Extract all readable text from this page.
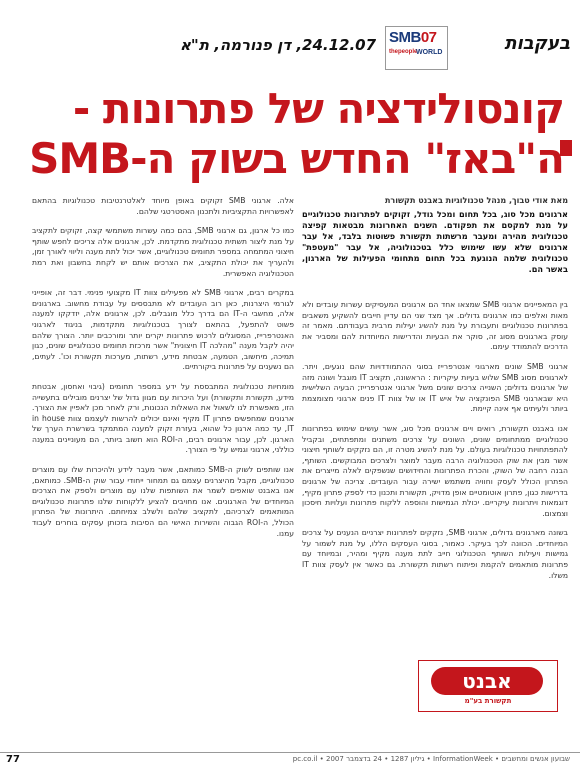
בעקבות
SMB07
thepeople
WORLD
24.12.07, דן פנורמה, ת"א
קונסולידציה של פתרונות -
ה"באז" החדש בשוק ה-SMB
מאת אודי טבוך, מנהל טכנולוגיות באבנט תקשורת
ארגונים מכל סוג, בכל תחום ומכל גודל, זקוקים לפתרונות טכנולוגיים על מנת למקסם את תפקודם. השנים האחרונות מבטאות קפיצה טכנולוגית מהירה ומעבר מרשתות תקשורת פשוטות בלבד, אל עבר ארגונים שלא עשו שימוש כלל בטכנולוגיה, אל עבר "מעטפת" טכנולוגית שלמה הנוגעת בכל תחום מתחומי הפעילות של הארגון, באשר הם.

בין המאפיינים ארגוני SMB שמצאו אחד הם ארגונים המעסיקים עשרות עובדים ולא מאות ואלפים כמו ארגונים גדולים. אך מצד שני הם עדיין חייבים להשקיע משאבים בפתרונות טכנולוגיים ותעבורת על מנת להשיג יעילות מרבית בעבודתם. מאמר זה עוסק בארגונים מסוג זה, סוקר את הבעיות והדרישות המיוחדות להם ומסביר את הדרכים להתמודד עימם.

ארגוני SMB שונים מארגוני אנטרפרייז בסוגי ההתמודדויות שהם נוגעים, ויתר. לארגונים מסוג SMB שלוש בעיות עיקריות : הראשונה, תקציב IT מוגבל ושונה מזה של ארגונים גדולים; השנייה צרכים שונים משל ארגוני אנטרפרייז; הבעיה השלישית היא שבארגוני SMB הפונקציה של איש IT או של צוות IT פנים ארגוני מצומצמת ביותר ולעיתים אף אינה קיימת.

אנו באבנט תקשורת, רואים ויים ארגונים מכל סוג, אשר עושים שימוש בפתרונות טכנולוגיים ממתחומים שונים, השונים על צרכים משתנים ומתפתחים, ובקביל להתפתחויות טכנולוגיות בעולם. על מנת להשיג מטרה זו, הם נזקקים לשותף חיצוני אשר מבין את שוק הטכנולוגיה הרבה מעבר למוצר ולצרכים המבוקשים. השותף, הבנה רחבה של השוק, והכרת הפתרונות והחידושים שנשפקים לאלה מייצרים את הפתרון הכולל לעסק וחוויה משתמש ישירה עבור העובדים. צריכה של ארגונים בדרישות כגון, פתרון אוטומטיים אופן מדויק, תקשורת ותכנון כדי לספק פתרון מקיף, דוגמאות ויתרונות עיקריים. יכולת הגמישות והוספה ללקוח פתרונות ועלויות חיסכון וצמצום.

בשונה מארגונים גדולים, ארגוני SMB, נזקקים לפתרונות יצרניים הנענים על צרכים המיוחדים. הכוונה לכך בעיקר. כאמור, בסוגי העסקים הללו, על מנת לשמור על גמישות ויעילות השותף הטכנולוגי חייב לתת מענה מקיף ומהיר, ובמיוחד עם פתרונות מותאמים להקמת ופיתוח רשתות תקשורת. גם כאשר אין לעסק צוות IT משלו.

אלה. ארגוני SMB זקוקים באופן מיוחד לאלטרנטיבות טכנולוגיות בהתאם לאפשרויות התקציביות ולתכנון האסטרטגי שלהם.

כמו כל ארגון, גם ארגוני SMB, בהם כמה עשרות משתמשי קצה, זקוקים לתקציב על מנת ליצור תשתית טכנולוגית מתקדמת. לכן, ארגונים אלה צריכים לחפש שותף חיצוני המתמחה במספר תחומים טכנולוגיים, אשר יכול לתת מענה וליווי לאורך זמן, ולהעריך את יכולת התקציב, את הצרכים אותם יש לקחת בחשבון ואת רמת הטכנולוגיה האפשרית.

במקרים רבים, ארגוני SMB לא מפעילים צוות IT מקצועי פנימי. דבר זה, אופייני לגורמי היצרנות, כאן רוב העובדים לא מתבססים על עבודת מחשוב. בארגונים אלה, מחשבי ה-IT הם בדרך כלל מוגבלים. לכן, ארגונים אלה, יזדקקו למענה פשוט להתפעל, בהתאם לצורך בטכנולוגיות מתקדמות, בניגוד לארגוני האנטרפרייז, המסוגלים לרכוש פתרונות יקרים יותר ומורכבים יותר. הצורך שלהם יהיה לקבל מענה "מהלכה IT חיצונית" אשר מרכזת תחומים טכנולוגיים שונים, כגון תמיכה, מיחשוב, הטמעה, אבטחת מידע, רשתות, מערכות תקשורת וכו'. לעתים, הם נשענים על פתרונות ביקורתיים.

מומחיות טכנולוגית המתבססת על ידע במספר תחומים (גיבוי ואחסון, אבטחת מידע, תקשורת ותקשורת) ועל היכרות עם מגוון גדול של יצרנים מובילים בתעשייה הזו, מאפשרת לנו לשאול את השאלות הנכונות, ורק לאחר מכן לאפיין את הצורך. ארגונים שמחפשים פתרון IT מקיף ואינם יכולים להרשות לעצמם צוות in house IT, עד כמה ארגון כל שהוא, בעזרת זקוק למענה המתמקד בשרשרת הערך של הארגון. לכן, עבור ארגונים רבים, ה-ROI הוא חשוב ביותר, הם מעוניינים במענה כוללני, ארגוני וגמיש על פי הצורך.

אנו שותפים לשוק ה-SMB כמותאם, אשר מעבר לידע ולהיכרות שלו עם מוצרים טכנולוגיים, מקבל מהיצרנים עצמם גם תמחור ייחודי עבור שוק ה-SMB. כמותאם, אנו באבנט שואפים לשמר את השותפות שלנו עם מוצרים ולספק את הצרכים המיוחדים של הארגונים. אנו מחויבים להציע ללקוחות שלנו פתרונות טכנולוגיים המותאמים לצרכיהם, לתקציב שלהם ולשלב צמיחתם. היתרונות של הפתרון הכולל, ה-ROI הגבוה והשירות האישי הם הסיבות בזכותן עסקים בוחרים לעבוד עמנו.

אבנט
תקשורת בע"מ
77	שבועון אנשים ומחשבים • InformationWeek • גיליון 1287 • 24 בדצמבר 2007 • pc.co.il
